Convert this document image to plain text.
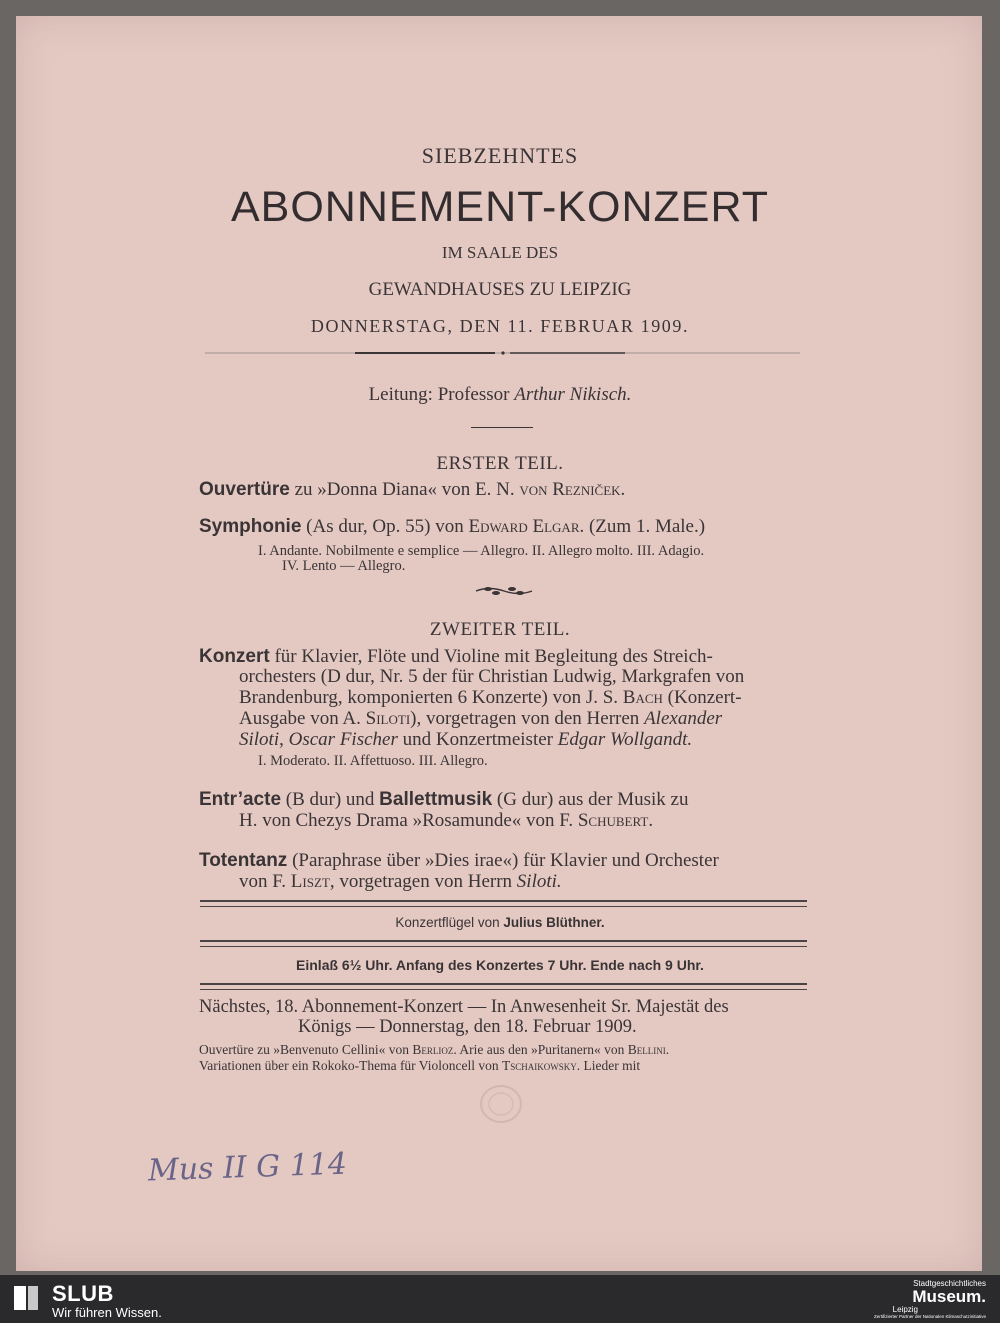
SIEBZEHNTES
ABONNEMENT-KONZERT
IM SAALE DES
GEWANDHAUSES ZU LEIPZIG
DONNERSTAG, DEN 11. FEBRUAR 1909.
Leitung: Professor Arthur Nikisch.
ERSTER TEIL.
Ouvertüre zu »Donna Diana« von E. N. von Rezniček.
Symphonie (As dur, Op. 55) von Edward Elgar. (Zum 1. Male.)
I. Andante. Nobilmente e semplice — Allegro. II. Allegro molto. III. Adagio.
IV. Lento — Allegro.
ZWEITER TEIL.
Konzert für Klavier, Flöte und Violine mit Begleitung des Streich-
orchesters (D dur, Nr. 5 der für Christian Ludwig, Markgrafen von
Brandenburg, komponierten 6 Konzerte) von J. S. Bach (Konzert-
Ausgabe von A. Siloti), vorgetragen von den Herren Alexander
Siloti, Oscar Fischer und Konzertmeister Edgar Wollgandt.
I. Moderato. II. Affettuoso. III. Allegro.
Entr’acte (B dur) und Ballettmusik (G dur) aus der Musik zu
H. von Chezys Drama »Rosamunde« von F. Schubert.
Totentanz (Paraphrase über »Dies irae«) für Klavier und Orchester
von F. Liszt, vorgetragen von Herrn Siloti.
Konzertflügel von Julius Blüthner.
Einlaß 6½ Uhr. Anfang des Konzertes 7 Uhr. Ende nach 9 Uhr.
Nächstes, 18. Abonnement-Konzert — In Anwesenheit Sr. Majestät des
Königs — Donnerstag, den 18. Februar 1909.
Ouvertüre zu »Benvenuto Cellini« von Berlioz. Arie aus den »Puritanern« von Bellini.
Variationen über ein Rokoko-Thema für Violoncell von Tschaikowsky. Lieder mit
Mus II G 114
SLUB
Wir führen Wissen.
Stadtgeschichtliches
Museum.
Leipzig
Zertifizierter Partner der Nationalen Klimaschutzinitiative
